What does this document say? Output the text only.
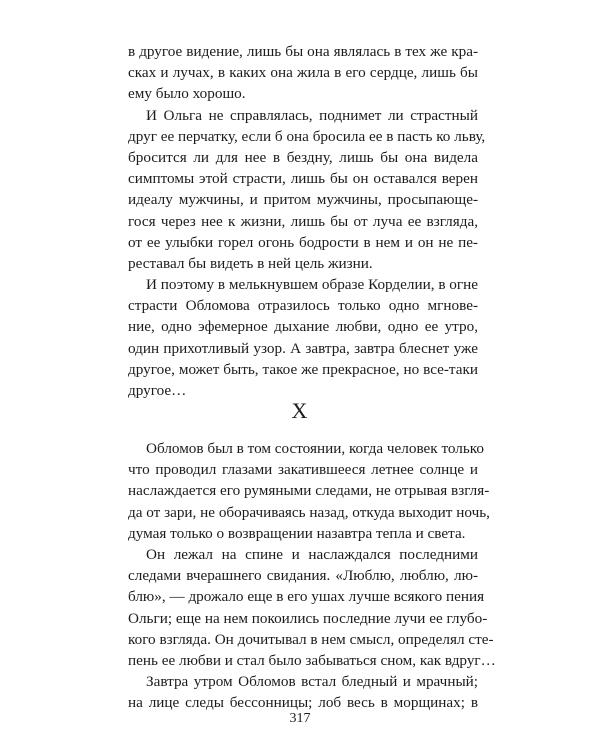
в другое видение, лишь бы она являлась в тех же кра-
сках и лучах, в каких она жила в его сердце, лишь бы
ему было хорошо.
И Ольга не справлялась, поднимет ли страстный
друг ее перчатку, если б она бросила ее в пасть ко льву,
бросится ли для нее в бездну, лишь бы она видела
симптомы этой страсти, лишь бы он оставался верен
идеалу мужчины, и притом мужчины, просыпающе-
гося через нее к жизни, лишь бы от луча ее взгляда,
от ее улыбки горел огонь бодрости в нем и он не пе-
реставал бы видеть в ней цель жизни.
И поэтому в мелькнувшем образе Корделии, в огне
страсти Обломова отразилось только одно мгнове-
ние, одно эфемерное дыхание любви, одно ее утро,
один прихотливый узор. А завтра, завтра блеснет уже
другое, может быть, такое же прекрасное, но все-таки
другое…
X
Обломов был в том состоянии, когда человек только
что проводил глазами закатившееся летнее солнце и
наслаждается его румяными следами, не отрывая взгля-
да от зари, не оборачиваясь назад, откуда выходит ночь,
думая только о возвращении назавтра тепла и света.
Он лежал на спине и наслаждался последними
следами вчерашнего свидания. «Люблю, люблю, лю-
блю», — дрожало еще в его ушах лучше всякого пения
Ольги; еще на нем покоились последние лучи ее глубо-
кого взгляда. Он дочитывал в нем смысл, определял сте-
пень ее любви и стал было забываться сном, как вдруг…
Завтра утром Обломов встал бледный и мрачный;
на лице следы бессонницы; лоб весь в морщинах; в
317
